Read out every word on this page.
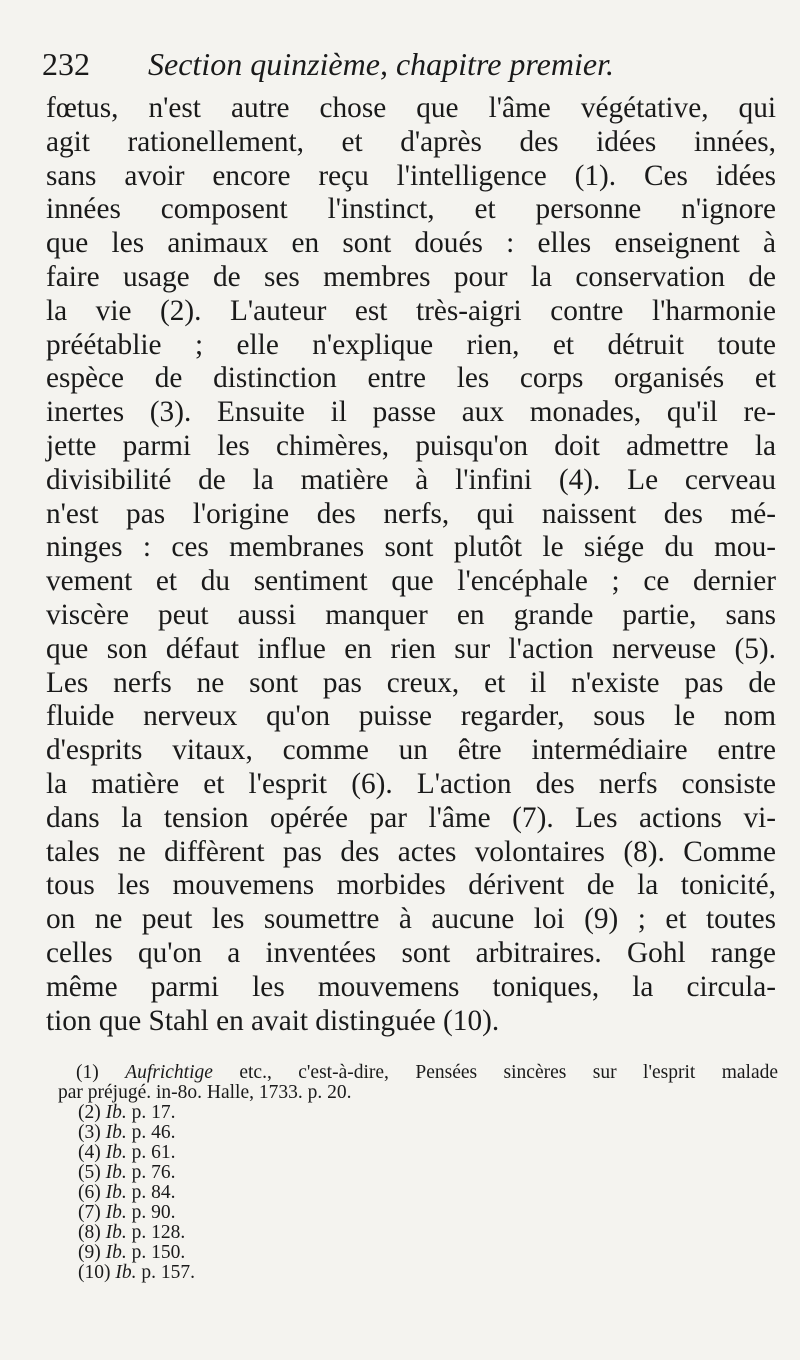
232 Section quinzième, chapitre premier.
fœtus, n'est autre chose que l'âme végétative, qui
agit rationellement, et d'après des idées innées,
sans avoir encore reçu l'intelligence (1). Ces idées
innées composent l'instinct, et personne n'ignore
que les animaux en sont doués : elles enseignent à
faire usage de ses membres pour la conservation de
la vie (2). L'auteur est très-aigri contre l'harmonie
préétablie ; elle n'explique rien, et détruit toute
espèce de distinction entre les corps organisés et
inertes (3). Ensuite il passe aux monades, qu'il re-
jette parmi les chimères, puisqu'on doit admettre la
divisibilité de la matière à l'infini (4). Le cerveau
n'est pas l'origine des nerfs, qui naissent des mé-
ninges : ces membranes sont plutôt le siége du mou-
vement et du sentiment que l'encéphale ; ce dernier
viscère peut aussi manquer en grande partie, sans
que son défaut influe en rien sur l'action nerveuse (5).
Les nerfs ne sont pas creux, et il n'existe pas de
fluide nerveux qu'on puisse regarder, sous le nom
d'esprits vitaux, comme un être intermédiaire entre
la matière et l'esprit (6). L'action des nerfs consiste
dans la tension opérée par l'âme (7). Les actions vi-
tales ne diffèrent pas des actes volontaires (8). Comme
tous les mouvemens morbides dérivent de la tonicité,
on ne peut les soumettre à aucune loi (9) ; et toutes
celles qu'on a inventées sont arbitraires. Gohl range
même parmi les mouvemens toniques, la circula-
tion que Stahl en avait distinguée (10).
(1) Aufrichtige etc., c'est-à-dire, Pensées sincères sur l'esprit malade
par préjugé. in-8o. Halle, 1733. p. 20.
(2) Ib. p. 17.
(3) Ib. p. 46.
(4) Ib. p. 61.
(5) Ib. p. 76.
(6) Ib. p. 84.
(7) Ib. p. 90.
(8) Ib. p. 128.
(9) Ib. p. 150.
(10) Ib. p. 157.
